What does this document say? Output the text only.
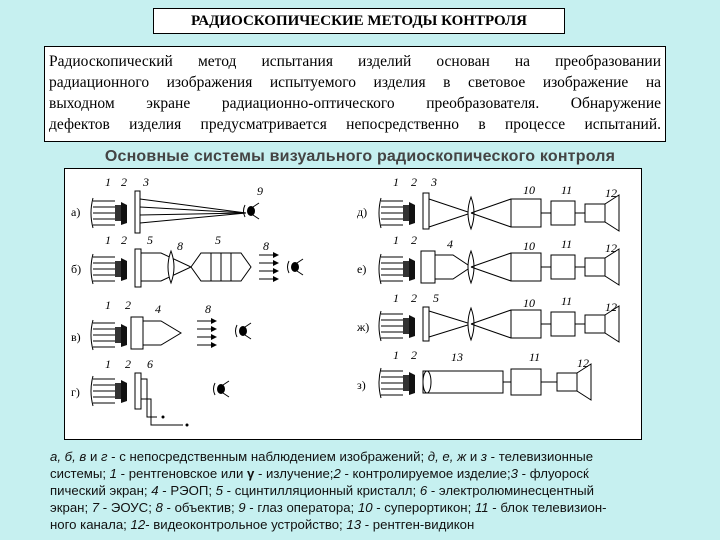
РАДИОСКОПИЧЕСКИЕ МЕТОДЫ КОНТРОЛЯ
Радиоскопический метод испытания изделий основан на преобразовании
радиационного изображения испытуемого изделия в световое изображение на
выходном экране радиационно-оптического преобразователя. Обнаружение
дефектов изделия предусматривается непосредственно в процессе испытаний.
Основные системы визуального радиоскопического контроля
а)
1 2 3
9
б)
1 2 5 8	5	8
в)
1 2 4	8
г)
1 2 6
д)
1 2 3
10 11	12
е)
1 2	4	10 11	12
ж)
1 2 5	10 11	12
з)
1 2	13	11	12
а, б, в и г - с непосредственным наблюдением изображений; д, е, ж и з - телевизионные
системы; 1 - рентгеновское или γ - излучение;2 - контролируемое изделие;3 - флуоросќ
пический экран; 4 - РЭОП; 5 - сцинтилляционный кристалл; 6 - электролюминесцентный
экран; 7 - ЭОУС; 8 - объектив; 9 - глаз оператора; 10 - суперортикон; 11 - блок телевизион-
ного канала; 12- видеоконтрольное устройство; 13 - рентген-видикон
